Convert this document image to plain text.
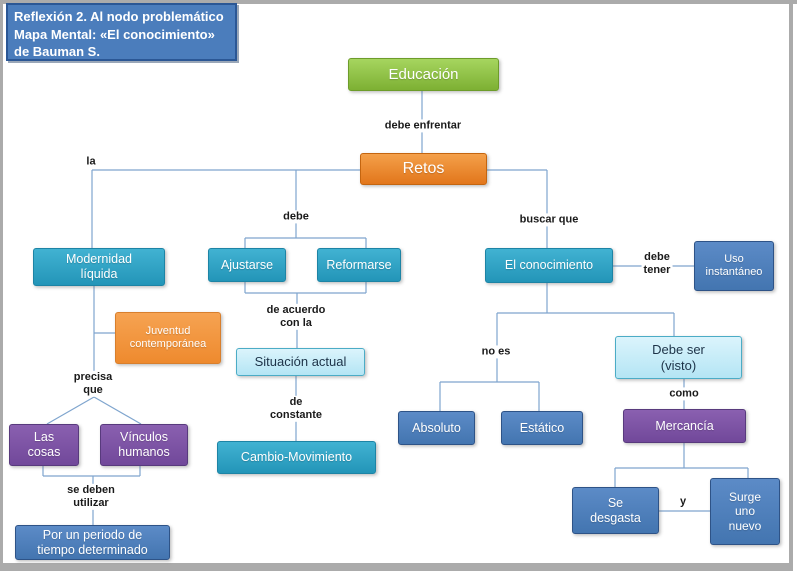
Reflexión 2. Al nodo problemático
Mapa Mental: «El conocimiento»
de Bauman S.
Educación
Retos
Modernidad
líquida
Ajustarse	Reformarse	El conocimiento	Uso
instantáneo
Juventud
contemporánea
Situación actual
Debe ser
(visto)
Las
cosas
Vínculos
humanos	Cambio-Movimiento
Absoluto	Estático	Mercancía
Se
desgasta
Surge
uno
nuevo
Por un periodo de
tiempo determinado
la
debe enfrentar
debe	buscar que
debe
tener
de acuerdo
con la
no es
de
constante
como
precisa
que
se deben
utilizar	y
